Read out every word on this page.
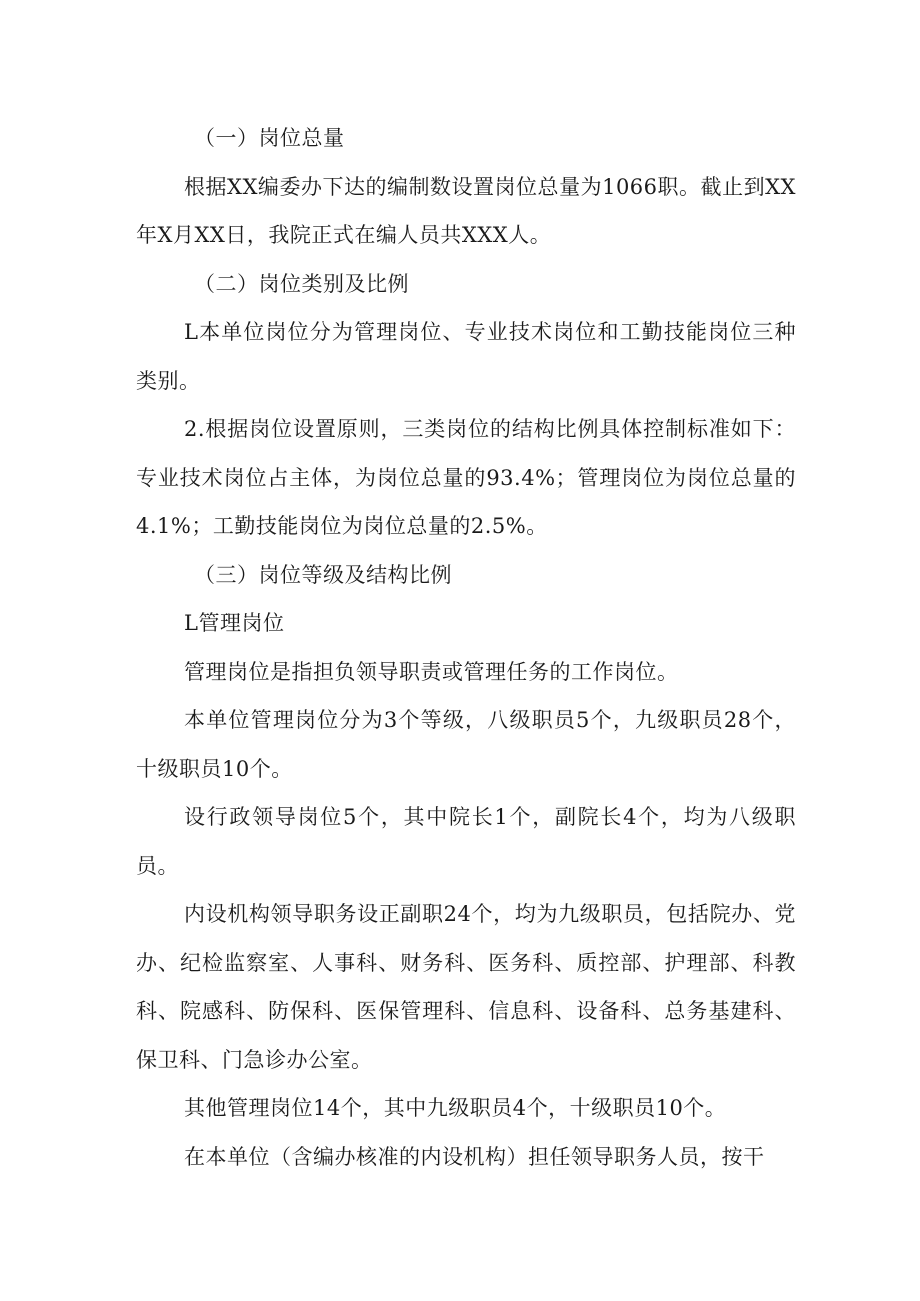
（一）岗位总量

根据XX编委办下达的编制数设置岗位总量为1066职。截止到XX年X月XX日，我院正式在编人员共XXX人。

（二）岗位类别及比例

L本单位岗位分为管理岗位、专业技术岗位和工勤技能岗位三种类别。

2.根据岗位设置原则，三类岗位的结构比例具体控制标准如下：专业技术岗位占主体，为岗位总量的93.4%；管理岗位为岗位总量的4.1%；工勤技能岗位为岗位总量的2.5%。

（三）岗位等级及结构比例

L管理岗位

管理岗位是指担负领导职责或管理任务的工作岗位。

本单位管理岗位分为3个等级，八级职员5个，九级职员28个，十级职员10个。

设行政领导岗位5个，其中院长1个，副院长4个，均为八级职员。

内设机构领导职务设正副职24个，均为九级职员，包括院办、党办、纪检监察室、人事科、财务科、医务科、质控部、护理部、科教科、院感科、防保科、医保管理科、信息科、设备科、总务基建科、保卫科、门急诊办公室。

其他管理岗位14个，其中九级职员4个，十级职员10个。

在本单位（含编办核准的内设机构）担任领导职务人员，按干
